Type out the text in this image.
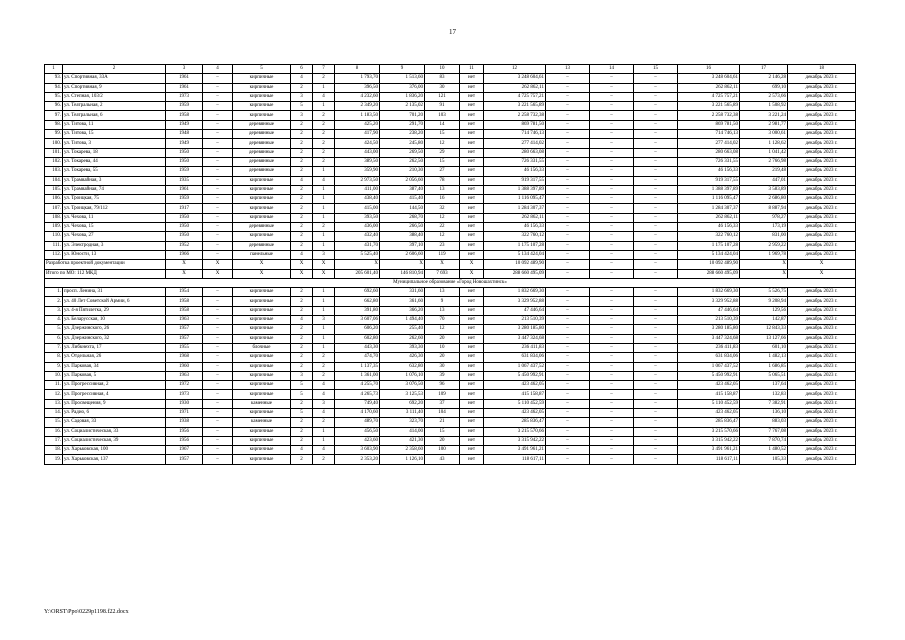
17
1	2	3	4	5	6	7	8	9	10	11	12	13	14	15	16	17	18
93.	ул. Спортивная, 33А	1961	–	кирпичные	4	2	1 793,70	1 513,60	83	нет	3 248 604,61	–	–	–	3 248 604,61	2 146,28	декабрь 2023 г.
94.	ул. Спортивная, 9	1961	–	кирпичные	2	1	396,50	376,00	30	нет	262 862,11	–	–	–	262 862,11	699,10	декабрь 2023 г.
95.	ул. Степная, 103/2	1973	–	кирпичные	3	4	4 232,60	1 836,20	121	нет	4 725 757,21	–	–	–	4 725 757,21	2 573,66	декабрь 2023 г.
96.	ул. Театральная, 2	1959	–	кирпичные	5	1	2 349,20	2 135,02	91	нет	3 221 565,89	–	–	–	3 221 565,89	1 508,92	декабрь 2023 г.
97.	ул. Театральная, 6	1958	–	кирпичные	3	2	1 183,50	701,20	103	нет	2 258 732,38	–	–	–	2 258 732,38	3 221,24	декабрь 2023 г.
98.	ул. Титова, 11	1949	–	деревянные	2	2	425,20	291,70	14	нет	869 781,50	–	–	–	869 781,50	2 981,77	декабрь 2023 г.
99.	ул. Титова, 15	1948	–	деревянные	2	2	417,90	238,20	15	нет	714 746,13	–	–	–	714 746,13	3 000,61	декабрь 2023 г.
100.	ул. Титова, 3	1949	–	деревянные	2	2	424,50	245,80	12	нет	277 414,02	–	–	–	277 414,02	1 128,62	декабрь 2023 г.
101.	ул. Токарева, 18	1950	–	деревянные	2	2	443,00	269,50	29	нет	280 663,08	–	–	–	280 663,08	1 041,42	декабрь 2023 г.
102.	ул. Токарева, 44	1950	–	деревянные	2	2	389,50	262,50	15	нет	726 331,55	–	–	–	726 331,55	2 766,98	декабрь 2023 г.
103.	ул. Токарева, 55	1959	–	деревянные	2	1	359,90	210,30	27	нет	46 156,33	–	–	–	46 156,33	219,48	декабрь 2023 г.
104.	ул. Трамвайная, 3	1935	–	кирпичные	4	4	2 973,50	2 056,60	78	нет	919 317,55	–	–	–	919 317,55	447,01	декабрь 2023 г.
105.	ул. Трамвайная, 74	1961	–	кирпичные	2	1	411,00	387,40	13	нет	1 388 397,89	–	–	–	1 388 397,89	3 583,89	декабрь 2023 г.
106.	ул. Троицкая, 75	1959	–	кирпичные	2	1	438,40	415,40	16	нет	1 116 095,47	–	–	–	1 116 095,47	2 686,80	декабрь 2023 г.
107.	ул. Троицкая, 79/112	1917	–	кирпичные	2	1	415,00	144,50	32	нет	1 284 307,37	–	–	–	1 284 307,37	8 887,94	декабрь 2023 г.
108.	ул. Чехова, 11	1950	–	кирпичные	2	1	393,50	268,70	12	нет	262 862,11	–	–	–	262 862,11	978,27	декабрь 2023 г.
109.	ул. Чехова, 15	1950	–	деревянные	2	2	436,00	266,50	22	нет	46 156,33	–	–	–	46 156,33	173,19	декабрь 2023 г.
110.	ул. Чехова, 27	1950	–	кирпичные	2	1	432,40	388,40	12	нет	322 760,12	–	–	–	322 760,12	831,00	декабрь 2023 г.
111.	ул. Электродная, 3	1952	–	деревянные	2	1	431,70	397,10	23	нет	1 175 107,28	–	–	–	1 175 107,28	2 959,22	декабрь 2023 г.
112.	ул. Юности, 13	1966	–	панельные	4	3	5 525,40	2 606,60	119	нет	5 134 424,04	–	–	–	5 134 424,04	1 969,78	декабрь 2023 г.
Разработка проектной документации		X	X	X	X	X	X	X	X	X	10 092 489,90	–	–	–	10 092 489,90	X	X
Итого по МО: 112 МКД		X	X	X	X	X	205 601,40	146 810,94	7 693	X	288 660 495,09	–	–	–	288 660 495,09	X	X
Муниципальное образование «Город Новошахтинск»																	
1.	просп. Ленина, 31	1954	–	кирпичные	2	1	692,60	331,60	13	нет	1 832 669,30	–	–	–	1 832 669,30	5 526,75	декабрь 2023 г.
2.	ул. 40 Лет Советской Армии, 6	1958	–	кирпичные	2	1	662,80	361,60	9	нет	3 329 952,88	–	–	–	3 329 952,88	9 208,94	декабрь 2023 г.
3.	ул. 4-я Пятилетка, 29	1958	–	кирпичные	2	1	391,80	366,20	13	нет	47 446,64	–	–	–	47 446,64	129,56	декабрь 2023 г.
4.	ул. Беларусская, 10	1963	–	кирпичные	4	3	3 607,06	1 494,40	70	нет	213 510,39	–	–	–	213 510,39	142,87	декабрь 2023 г.
5.	ул. Дзержинского, 26	1957	–	кирпичные	2	1	606,20	255,40	12	нет	3 280 185,80	–	–	–	3 280 185,80	12 843,33	декабрь 2023 г.
6.	ул. Дзержинского, 32	1957	–	кирпичные	2	1	602,80	262,60	20	нет	3 447 324,68	–	–	–	3 447 324,68	13 127,66	декабрь 2023 г.
7.	ул. Либкнехта, 17	1955	–	блочные	2	1	443,30	393,30	10	нет	236 411,83	–	–	–	236 411,83	601,10	декабрь 2023 г.
8.	ул. Отдельная, 26	1968	–	кирпичные	2	2	474,70	426,30	20	нет	631 834,06	–	–	–	631 834,06	1 482,13	декабрь 2023 г.
9.	ул. Парковая, 34	1960	–	кирпичные	2	2	1 137,35	632,80	30	нет	1 067 437,52	–	–	–	1 067 437,52	1 686,85	декабрь 2023 г.
10.	ул. Парковая, 5	1963	–	кирпичные	3	2	1 361,00	1 076,10	39	нет	5 450 992,91	–	–	–	5 450 992,91	5 065,51	декабрь 2023 г.
11.	ул. Прогрессивная, 2	1972	–	кирпичные	5	4	4 255,70	3 076,50	96	нет	423 462,05	–	–	–	423 462,05	137,64	декабрь 2023 г.
12.	ул. Прогрессивная, 4	1973	–	кирпичные	5	4	4 265,73	3 125,53	109	нет	415 158,87	–	–	–	415 158,87	132,83	декабрь 2023 г.
13.	ул. Просвещения, 9	1930	–	каменные	2	3	749,40	692,20	37	нет	5 110 452,59	–	–	–	5 110 452,59	7 382,91	декабрь 2023 г.
14.	ул. Радио, 6	1971	–	кирпичные	5	4	4 170,60	3 111,40	104	нет	423 462,05	–	–	–	423 462,05	136,10	декабрь 2023 г.
15.	ул. Садовая, 33	1938	–	каменные	2	2	489,70	323,70	21	нет	285 836,47	–	–	–	285 836,47	883,03	декабрь 2023 г.
16.	ул. Социалистическая, 33	1956	–	кирпичные	2	1	456,50	414,00	15	нет	3 215 570,66	–	–	–	3 215 570,66	7 767,08	декабрь 2023 г.
17.	ул. Социалистическая, 39	1956	–	кирпичные	2	1	423,60	421,30	20	нет	3 315 942,22	–	–	–	3 315 942,22	7 870,74	декабрь 2023 г.
18.	ул. Харьковская, 100	1967	–	кирпичные	4	4	3 603,90	2 358,60	100	нет	3 491 961,21	–	–	–	3 491 961,21	1 480,52	декабрь 2023 г.
19.	ул. Харьковская, 137	1957	–	кирпичные	2	2	2 353,20	1 126,10	43	нет	118 617,11	–	–	–	118 617,11	105,33	декабрь 2023 г.
Y:\ORST\Ppo\0229p1198.f22.docx
